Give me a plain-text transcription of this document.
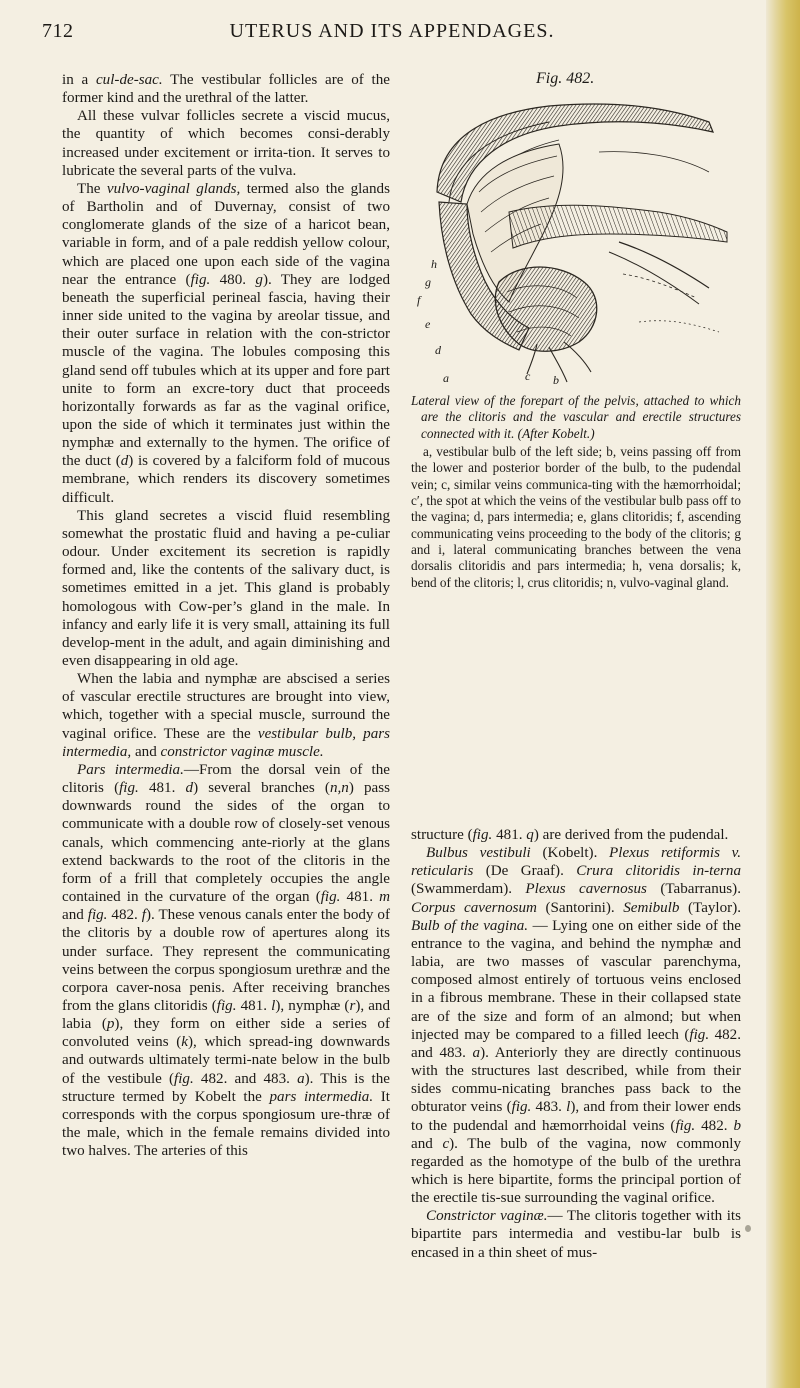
712	UTERUS AND ITS APPENDAGES.

in a cul-de-sac. The vestibular follicles are of the former kind and the urethral of the latter.

All these vulvar follicles secrete a viscid mucus, the quantity of which becomes consi-derably increased under excitement or irrita-tion. It serves to lubricate the several parts of the vulva.

The vulvo-vaginal glands, termed also the glands of Bartholin and of Duvernay, consist of two conglomerate glands of the size of a haricot bean, variable in form, and of a pale reddish yellow colour, which are placed one upon each side of the vagina near the entrance (fig. 480. g). They are lodged beneath the superficial perineal fascia, having their inner side united to the vagina by areolar tissue, and their outer surface in relation with the con-strictor muscle of the vagina. The lobules composing this gland send off tubules which at its upper and fore part unite to form an excre-tory duct that proceeds horizontally forwards as far as the vaginal orifice, upon the side of which it terminates just within the nymphæ and externally to the hymen. The orifice of the duct (d) is covered by a falciform fold of mucous membrane, which renders its discovery sometimes difficult.

This gland secretes a viscid fluid resembling somewhat the prostatic fluid and having a pe-culiar odour. Under excitement its secretion is rapidly formed and, like the contents of the salivary duct, is sometimes emitted in a jet. This gland is probably homologous with Cow-per’s gland in the male. In infancy and early life it is very small, attaining its full develop-ment in the adult, and again diminishing and even disappearing in old age.

When the labia and nymphæ are abscised a series of vascular erectile structures are brought into view, which, together with a special muscle, surround the vaginal orifice. These are the vestibular bulb, pars intermedia, and constrictor vaginæ muscle.

Pars intermedia.—From the dorsal vein of the clitoris (fig. 481. d) several branches (n,n) pass downwards round the sides of the organ to communicate with a double row of closely-set venous canals, which commencing ante-riorly at the glans extend backwards to the root of the clitoris in the form of a frill that completely occupies the angle contained in the curvature of the organ (fig. 481. m and fig. 482. f). These venous canals enter the body of the clitoris by a double row of apertures along its under surface. They represent the communicating veins between the corpus spongiosum urethræ and the corpora caver-nosa penis. After receiving branches from the glans clitoridis (fig. 481. l), nymphæ (r), and labia (p), they form on either side a series of convoluted veins (k), which spread-ing downwards and outwards ultimately termi-nate below in the bulb of the vestibule (fig. 482. and 483. a). This is the structure termed by Kobelt the pars intermedia. It corresponds with the corpus spongiosum ure-thræ of the male, which in the female remains divided into two halves. The arteries of this

Fig. 482.
h
g
f
e
d
a	c b

Lateral view of the forepart of the pelvis, attached to which are the clitoris and the vascular and erectile structures connected with it. (After Kobelt.)

a, vestibular bulb of the left side; b, veins passing off from the lower and posterior border of the bulb, to the pudendal vein; c, similar veins communica-ting with the hæmorrhoidal; c′, the spot at which the veins of the vestibular bulb pass off to the vagina; d, pars intermedia; e, glans clitoridis; f, ascending communicating veins proceeding to the body of the clitoris; g and i, lateral communicating branches between the vena dorsalis clitoridis and pars intermedia; h, vena dorsalis; k, bend of the clitoris; l, crus clitoridis; n, vulvo-vaginal gland.

structure (fig. 481. q) are derived from the pudendal.

Bulbus vestibuli (Kobelt). Plexus retiformis v. reticularis (De Graaf). Crura clitoridis in-terna (Swammerdam). Plexus cavernosus (Tabarranus). Corpus cavernosum (Santorini). Semibulb (Taylor). Bulb of the vagina. — Lying one on either side of the entrance to the vagina, and behind the nymphæ and labia, are two masses of vascular parenchyma, composed almost entirely of tortuous veins enclosed in a fibrous membrane. These in their collapsed state are of the size and form of an almond; but when injected may be compared to a filled leech (fig. 482. and 483. a). Anteriorly they are directly continuous with the structures last described, while from their sides commu-nicating branches pass back to the obturator veins (fig. 483. l), and from their lower ends to the pudendal and hæmorrhoidal veins (fig. 482. b and c). The bulb of the vagina, now commonly regarded as the homotype of the bulb of the urethra which is here bipartite, forms the principal portion of the erectile tis-sue surrounding the vaginal orifice.

Constrictor vaginæ.— The clitoris together with its bipartite pars intermedia and vestibu-lar bulb is encased in a thin sheet of mus-
